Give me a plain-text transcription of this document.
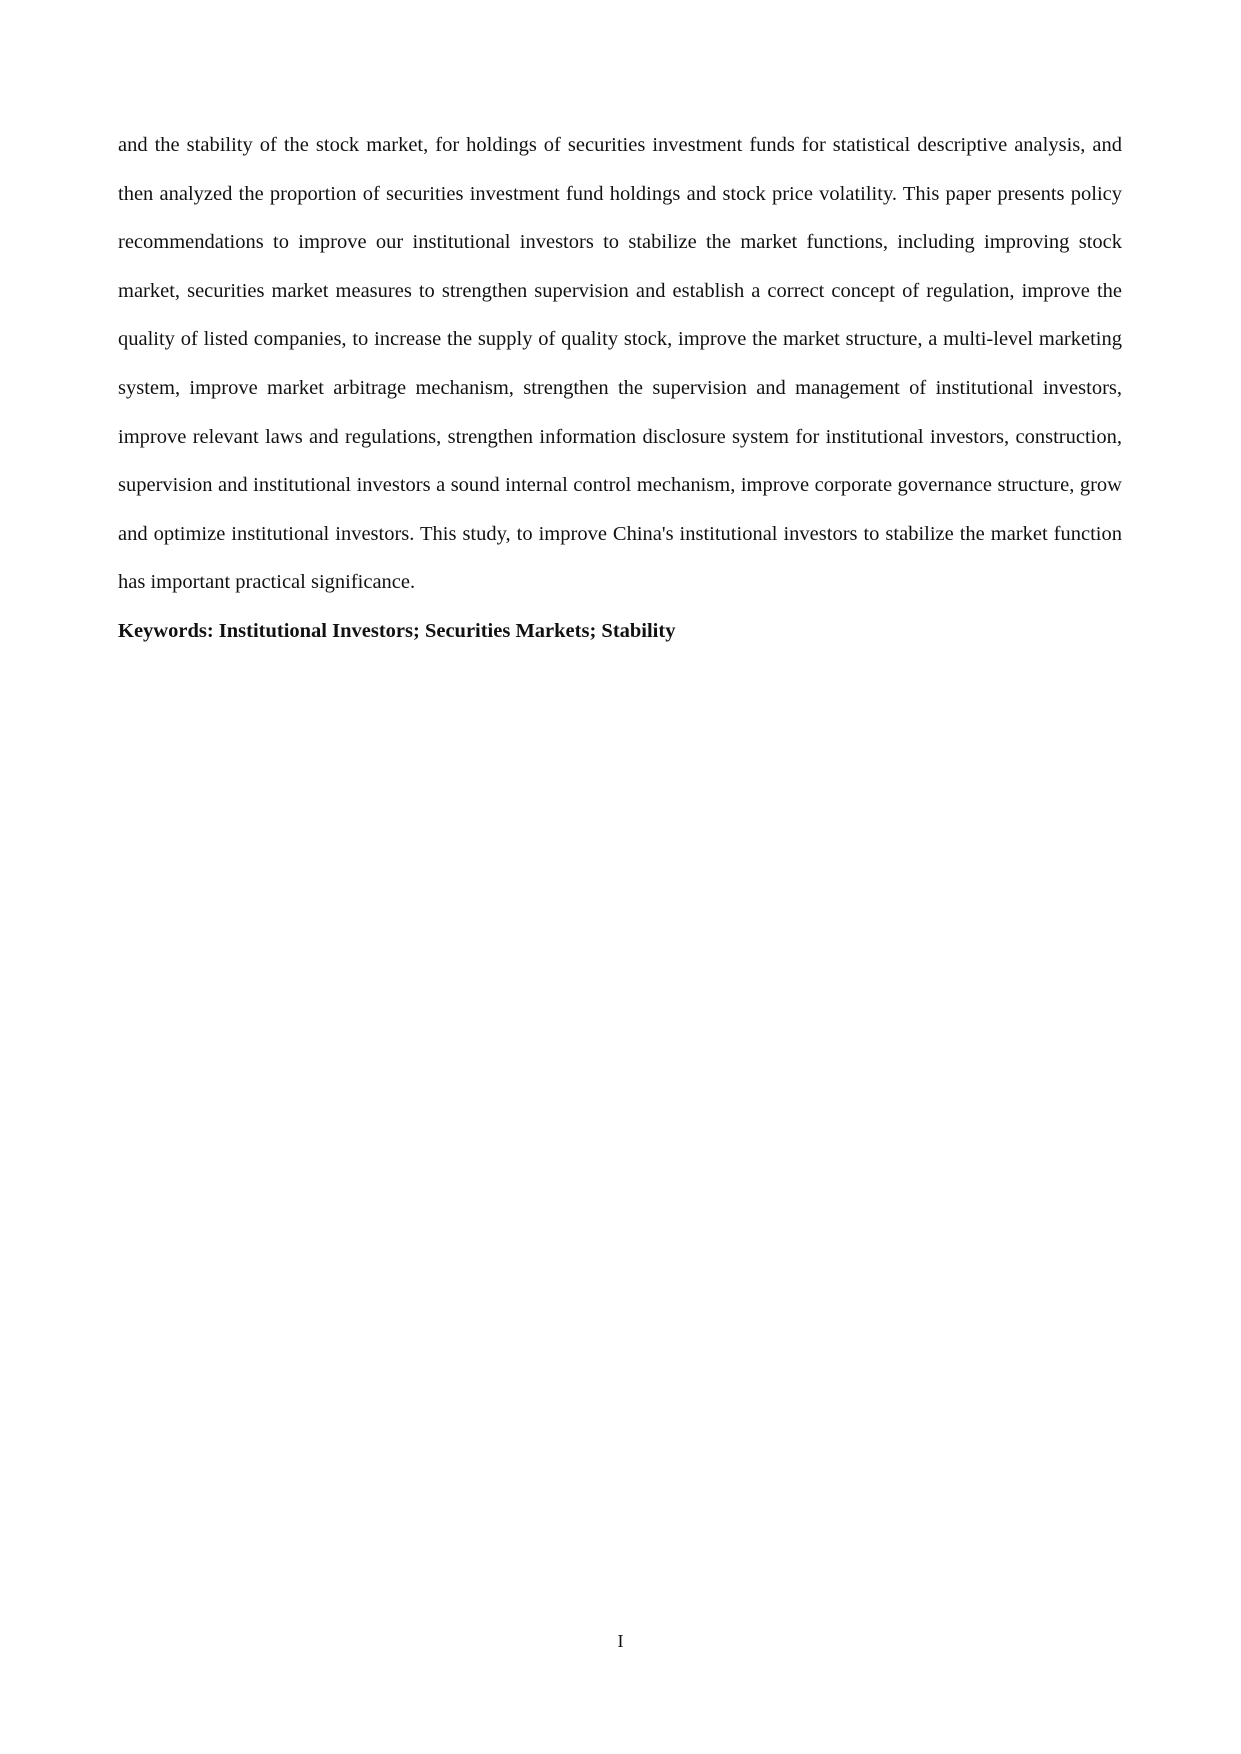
and the stability of the stock market, for holdings of securities investment funds for statistical descriptive analysis, and then analyzed the proportion of securities investment fund holdings and stock price volatility. This paper presents policy recommendations to improve our institutional investors to stabilize the market functions, including improving stock market, securities market measures to strengthen supervision and establish a correct concept of regulation, improve the quality of listed companies, to increase the supply of quality stock, improve the market structure, a multi-level marketing system, improve market arbitrage mechanism, strengthen the supervision and management of institutional investors, improve relevant laws and regulations, strengthen information disclosure system for institutional investors, construction, supervision and institutional investors a sound internal control mechanism, improve corporate governance structure, grow and optimize institutional investors. This study, to improve China's institutional investors to stabilize the market function has important practical significance.

Keywords: Institutional Investors; Securities Markets; Stability

I
